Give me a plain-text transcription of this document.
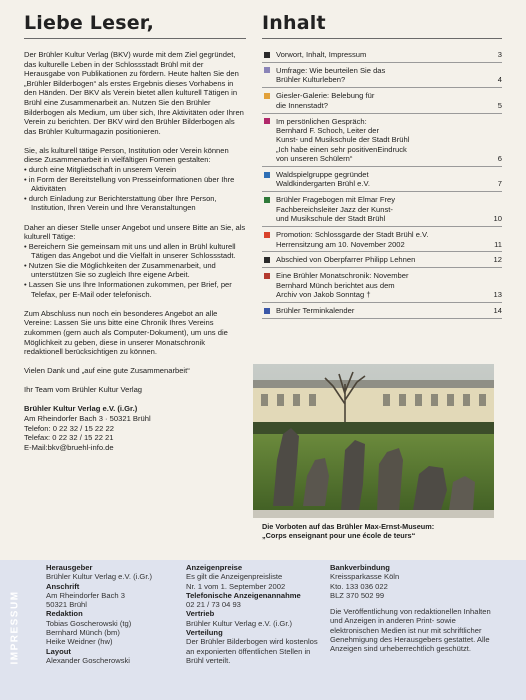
Liebe Leser,

Der Brühler Kultur Verlag (BKV) wurde mit dem Ziel gegründet, das kulturelle Leben in der Schlossstadt Brühl mit der Herausgabe von Publikationen zu fördern. Heute halten Sie den „Brühler Bilderbogen“ als erstes Ergebnis dieses Vorhabens in den Händen. Der BKV als Verein bietet allen kulturell Tätigen in Brühl eine Zusammenarbeit an. Nutzen Sie den Brühler Bilderbogen als Medium, um über sich, Ihre Aktivitäten oder Ihren Verein zu berichten. Der BKV wird den Brühler Bilderbogen als das Brühler Kulturmagazin positionieren.

Sie, als kulturell tätige Person, Institution oder Verein können diese Zusammenarbeit in vielfältigen Formen gestalten:
• durch eine Mitgliedschaft in unserem Verein
• in Form der Bereitstellung von Presseinformationen über Ihre Aktivitäten
• durch Einladung zur Berichterstattung über Ihre Person, Institution, Ihren Verein und Ihre Veranstaltungen
Daher an dieser Stelle unser Angebot und unsere Bitte an Sie, als kulturell Tätige:
• Bereichern Sie gemeinsam mit uns und allen in Brühl kulturell Tätigen das Angebot und die Vielfalt in unserer Schlossstadt.
• Nutzen Sie die Möglichkeiten der Zusammenarbeit, und unterstützen Sie so zugleich Ihre eigene Arbeit.
• Lassen Sie uns Ihre Informationen zukommen, per Brief, per Telefax, per E-Mail oder telefonisch.

Zum Abschluss nun noch ein besonderes Angebot an alle Vereine: Lassen Sie uns bitte eine Chronik Ihres Vereins zukommen (gern auch als Computer-Dokument), um uns die Möglichkeit zu geben, diese in unserer Monatschronik redaktionell berücksichtigen zu können.

Vielen Dank und „auf eine gute Zusammenarbeit“

Ihr Team vom Brühler Kultur Verlag

Brühler Kultur Verlag e.V. (i.Gr.)
Am Rheindorfer Bach 3 · 50321 Brühl
Telefon: 0 22 32 / 15 22 22
Telefax: 0 22 32 / 15 22 21
E-Mail: bkv@bruehl-info.de
Inhalt
Vorwort, Inhalt, Impressum	3
Umfrage: Wie beurteilen Sie das
Brühler Kulturleben?	4
Giesler-Galerie: Belebung für
die Innenstadt?	5
Im persönlichen Gespräch:
Bernhard F. Schoch, Leiter der
Kunst- und Musikschule der Stadt Brühl
„Ich habe einen sehr positivenEindruck
von unseren Schülern“	6
Waldspielgruppe gegründet
Waldkindergarten Brühl e.V.	7
Brühler Fragebogen mit Elmar Frey
Fachbereichsleiter Jazz der Kunst-
und Musikschule der Stadt Brühl	10
Promotion: Schlossgarde der Stadt Brühl e.V.
Herrensitzung am 10. November 2002	11
Abschied von Oberpfarrer Philipp Lehnen	12
Eine Brühler Monatschronik: November
Bernhard Münch berichtet aus dem
Archiv von Jakob Sonntag †	13
Brühler Terminkalender	14
Die Vorboten auf das Brühler Max-Ernst-Museum:
„Corps enseignant pour une école de teurs“
IMPRESSUM
Herausgeber
Brühler Kultur Verlag e.V. (i.Gr.)
Anschrift
Am Rheindorfer Bach 3
50321 Brühl
Redaktion
Tobias Goscherowski (tg)
Bernhard Münch (bm)
Heike Weidner (hw)
Layout
Alexander Goscherowski
Anzeigenpreise
Es gilt die Anzeigenpreisliste
Nr. 1 vom 1. September 2002
Telefonische Anzeigenannahme
02 21 / 73 04 93
Vertrieb
Brühler Kultur Verlag e.V. (i.Gr.)
Verteilung
Der Brühler Bilderbogen wird kostenlos
an exponierten öffentlichen Stellen in
Brühl verteilt.
Bankverbindung
Kreissparkasse Köln
Kto. 133 036 022
BLZ 370 502 99
Die Veröffentlichung von redaktionellen Inhalten und Anzeigen in anderen Print- sowie elektronischen Medien ist nur mit schriftlicher Genehmigung des Herausgebers gestattet. Alle Anzeigen sind urheberrechtlich geschützt.
